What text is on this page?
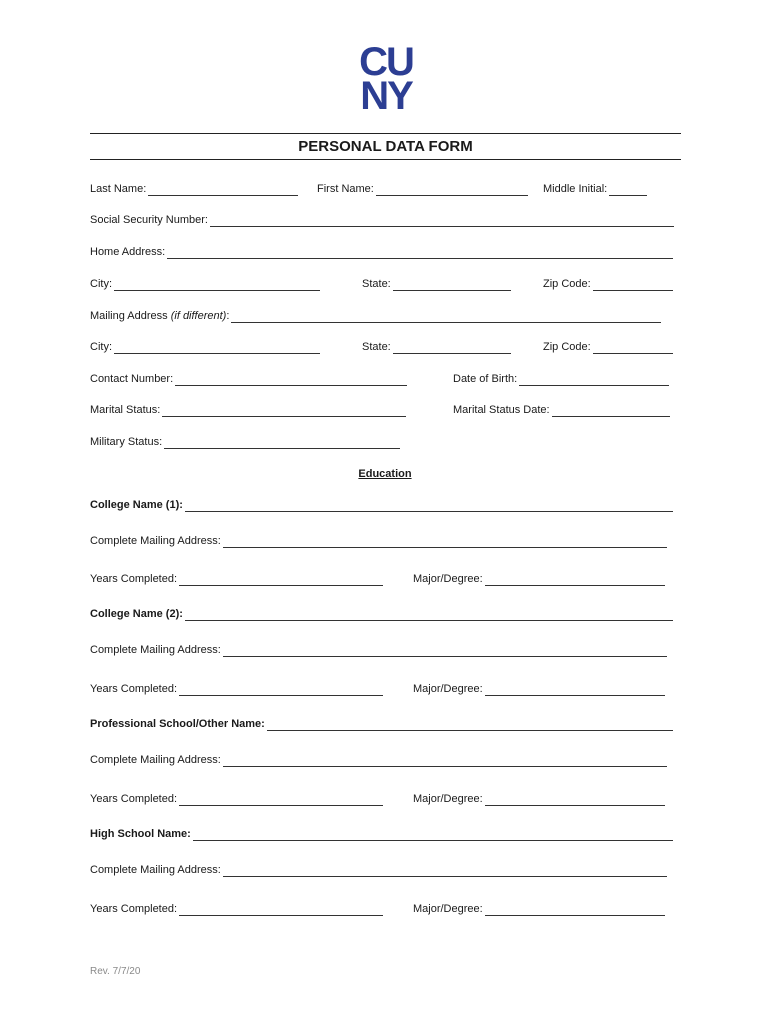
CU
NY
PERSONAL DATA FORM
Last Name:	First Name:	Middle Initial:
Social Security Number:
Home Address:
City:	State:	Zip Code:
Mailing Address
(if different) :
City:	State:	Zip Code:
Contact Number:	Date of Birth:
Marital Status:	Marital Status Date:
Military Status:
Education
College Name (1):
Complete Mailing Address:
Years Completed:	Major/Degree:
College Name (2):
Complete Mailing Address:
Years Completed:	Major/Degree:
Professional School/Other Name:
Complete Mailing Address:
Years Completed:	Major/Degree:
High School Name:
Complete Mailing Address:
Years Completed:	Major/Degree:
Rev. 7/7/20
